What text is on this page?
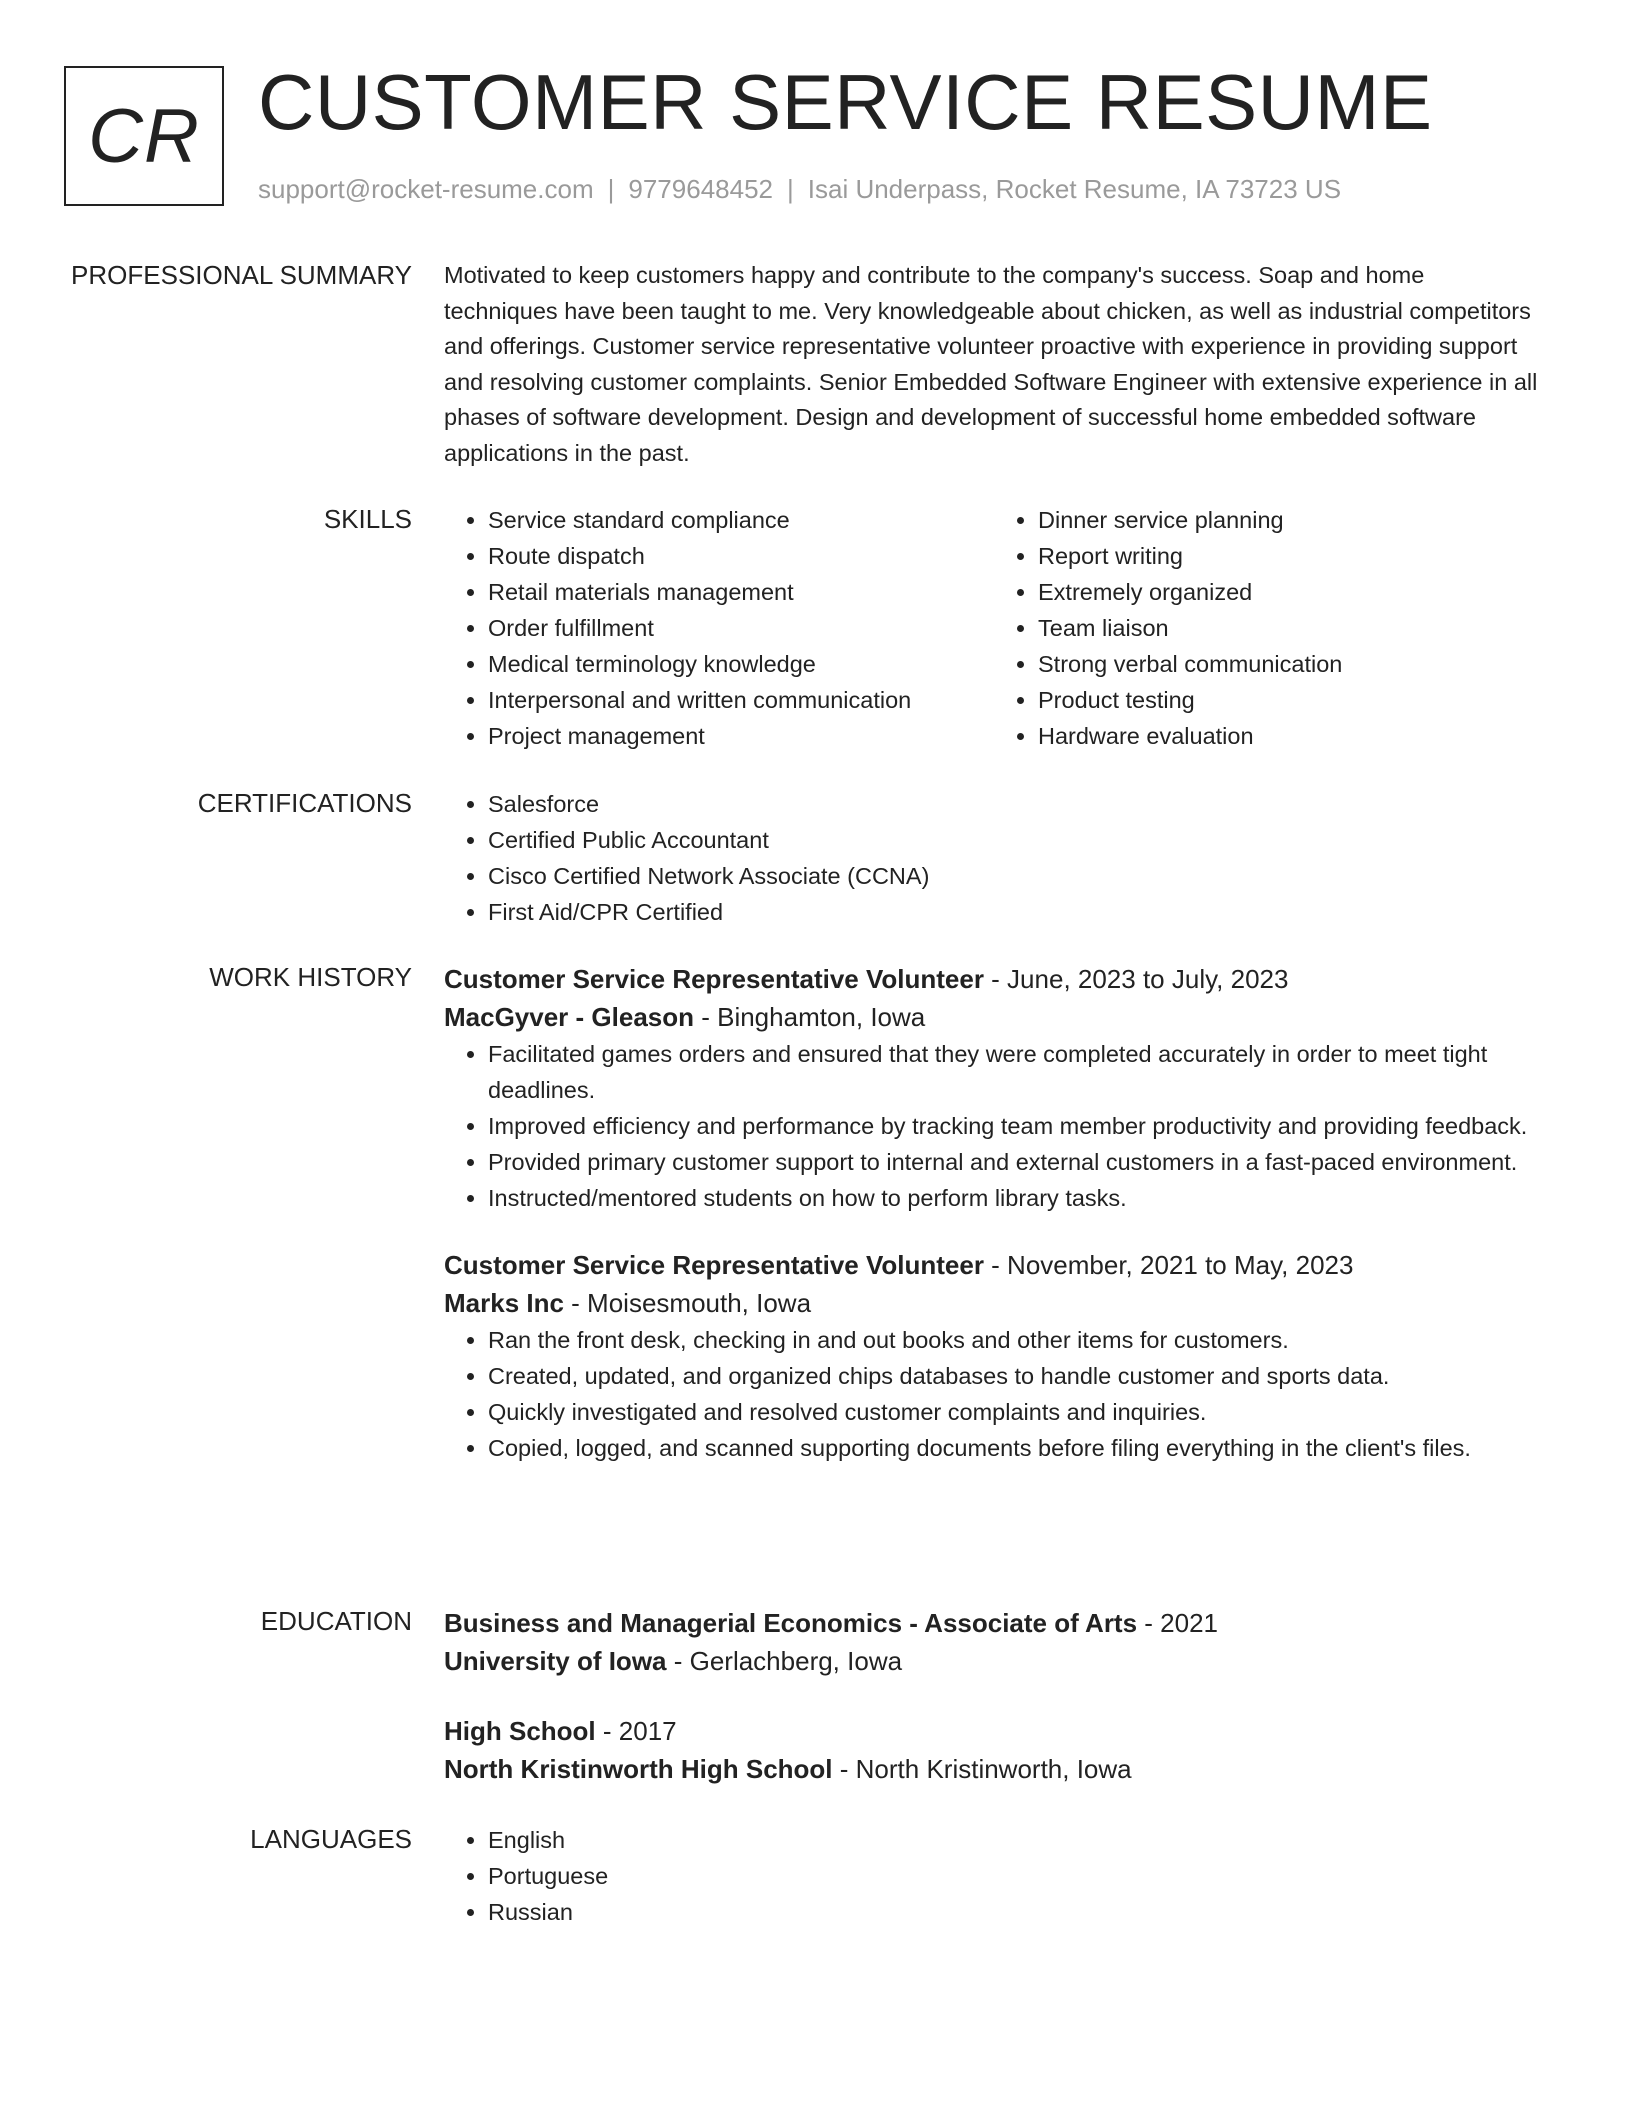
CR CUSTOMER SERVICE RESUME
support@rocket-resume.com | 9779648452 | Isai Underpass, Rocket Resume, IA 73723 US
PROFESSIONAL SUMMARY Motivated to keep customers happy and contribute to the company's success. Soap and home techniques have been taught to me. Very knowledgeable about chicken, as well as industrial competitors and offerings. Customer service representative volunteer proactive with experience in providing support and resolving customer complaints. Senior Embedded Software Engineer with extensive experience in all phases of software development. Design and development of successful home embedded software applications in the past.

SKILLS	• Service standard compliance
• Route dispatch
• Retail materials management
• Order fulfillment
• Medical terminology knowledge
• Interpersonal and written communication
• Project management
• Dinner service planning
• Report writing
• Extremely organized
• Team liaison
• Strong verbal communication
• Product testing
• Hardware evaluation
CERTIFICATIONS	• Salesforce
• Certified Public Accountant
• Cisco Certified Network Associate (CCNA)
• First Aid/CPR Certified
WORK HISTORY Customer Service Representative Volunteer - June, 2023 to July, 2023
MacGyver - Gleason - Binghamton, Iowa
• Facilitated games orders and ensured that they were completed accurately in order to meet tight deadlines.
• Improved efficiency and performance by tracking team member productivity and providing feedback.
• Provided primary customer support to internal and external customers in a fast-paced environment.
• Instructed/mentored students on how to perform library tasks.
Customer Service Representative Volunteer - November, 2021 to May, 2023
Marks Inc - Moisesmouth, Iowa
• Ran the front desk, checking in and out books and other items for customers.
• Created, updated, and organized chips databases to handle customer and sports data.
• Quickly investigated and resolved customer complaints and inquiries.
• Copied, logged, and scanned supporting documents before filing everything in the client's files.
EDUCATION Business and Managerial Economics - Associate of Arts - 2021
University of Iowa - Gerlachberg, Iowa
High School - 2017
North Kristinworth High School - North Kristinworth, Iowa
LANGUAGES	• English
• Portuguese
• Russian
